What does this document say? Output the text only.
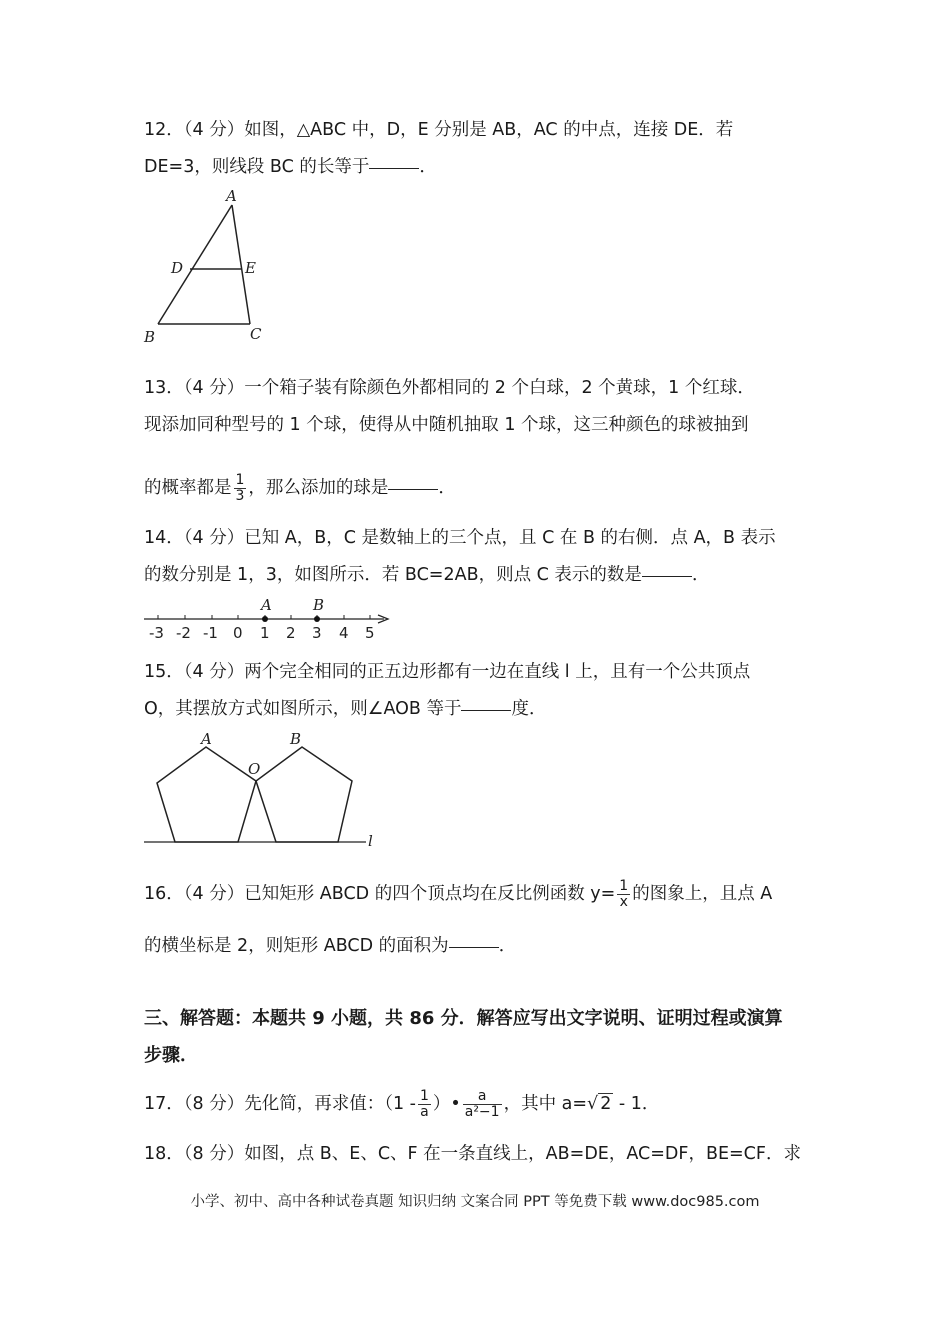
12．（4 分）如图，△ABC 中，D，E 分别是 AB，AC 的中点，连接 DE．若

DE=3，则线段 BC 的长等于	．

A
B	C
D	E

13．（4 分）一个箱子装有除颜色外都相同的 2 个白球，2 个黄球，1 个红球．

现添加同种型号的 1 个球，使得从中随机抽取 1 个球，这三种颜色的球被抽到

的概率都是 $\frac{1}{3}$ ，那么添加的球是	．

14．（4 分）已知 A，B，C 是数轴上的三个点，且 C 在 B 的右侧．点 A，B 表示

的数分别是 1，3，如图所示．若 BC=2AB，则点 C 表示的数是	．

A	B
-3 -2 -1 0 1 2 3 4 5

15．（4 分）两个完全相同的正五边形都有一边在直线 l 上，且有一个公共顶点

O，其摆放方式如图所示，则∠AOB 等于	度．

A	B
O
l

16．（4 分）已知矩形 ABCD 的四个顶点均在反比例函数 $y= \frac{1}{x}$ 的图象上，且点 A

的横坐标是 2，则矩形 ABCD 的面积为	．

三、解答题：本题共 9 小题，共 86 分．解答应写出文字说明、证明过程或演算

步骤．

17．（8 分）先化简，再求值：（$1 - \frac{1}{a}$ ）• $\frac{a}{\text{a²−1}}$ ，其中 a=√ 2 - 1．

18．（8 分）如图，点 B、E、C、F 在一条直线上，AB=DE，AC=DF，BE=CF．求

小学、初中、高中各种试卷真题 知识归纳 文案合同 PPT 等免费下载 www.doc985.com
